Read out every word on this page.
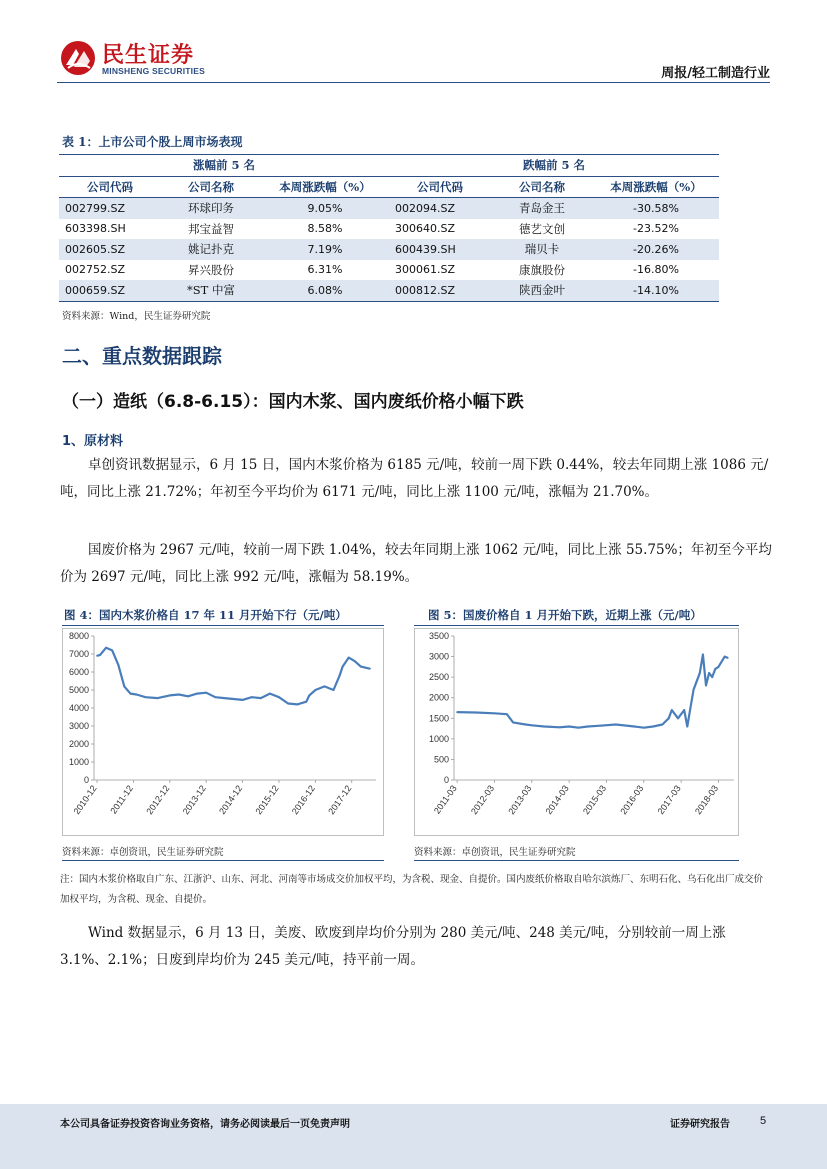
民生证券
MINSHENG SECURITIES	周报/轻工制造行业
表 1：上市公司个股上周市场表现
涨幅前 5 名			跌幅前 5 名		
公司代码	公司名称	本周涨跌幅（%）	公司代码	公司名称	本周涨跌幅（%）
002799.SZ	环球印务	9.05%	002094.SZ	青岛金王	-30.58%
603398.SH	邦宝益智	8.58%	300640.SZ	德艺文创	-23.52%
002605.SZ	姚记扑克	7.19%	600439.SH	瑞贝卡	-20.26%
002752.SZ	昇兴股份	6.31%	300061.SZ	康旗股份	-16.80%
000659.SZ	*ST 中富	6.08%	000812.SZ	陕西金叶	-14.10%
资料来源：Wind，民生证券研究院
二、重点数据跟踪
（一）造纸（6.8-6.15）：国内木浆、国内废纸价格小幅下跌
1、原材料
卓创资讯数据显示，6 月 15 日，国内木浆价格为 6185 元/吨，较前一周下跌 0.44%，较去年同期上涨 1086 元/吨，同比上涨 21.72%；年初至今平均价为 6171 元/吨，同比上涨 1100 元/吨，涨幅为 21.70%。
国废价格为 2967 元/吨，较前一周下跌 1.04%，较去年同期上涨 1062 元/吨，同比上涨 55.75%；年初至今平均价为 2697 元/吨，同比上涨 992 元/吨，涨幅为 58.19%。
图 4：国内木浆价格自 17 年 11 月开始下行（元/吨）
0
1000
2000
3000
4000
5000
6000
7000
8000
2010-12 2011-12 2012-12 2013-12 2014-12 2015-12 2016-12 2017-12
资料来源：卓创资讯，民生证券研究院
图 5：国废价格自 1 月开始下跌，近期上涨（元/吨）
0
500
1000
1500
2000
2500
3000
3500
2011-03 2012-03 2013-03 2014-03 2015-03 2016-03 2017-03 2018-03
资料来源：卓创资讯，民生证券研究院
注：国内木浆价格取自广东、江浙沪、山东、河北、河南等市场成交价加权平均，为含税、现金、自提价。国内废纸价格取自哈尔滨炼厂、东明石化、乌石化出厂成交价加权平均，为含税、现金、自提价。
Wind 数据显示，6 月 13 日，美废、欧废到岸均价分别为 280 美元/吨、248 美元/吨，分别较前一周上涨 3.1%、2.1%；日废到岸均价为 245 美元/吨，持平前一周。
本公司具备证券投资咨询业务资格，请务必阅读最后一页免责声明	证券研究报告	5
